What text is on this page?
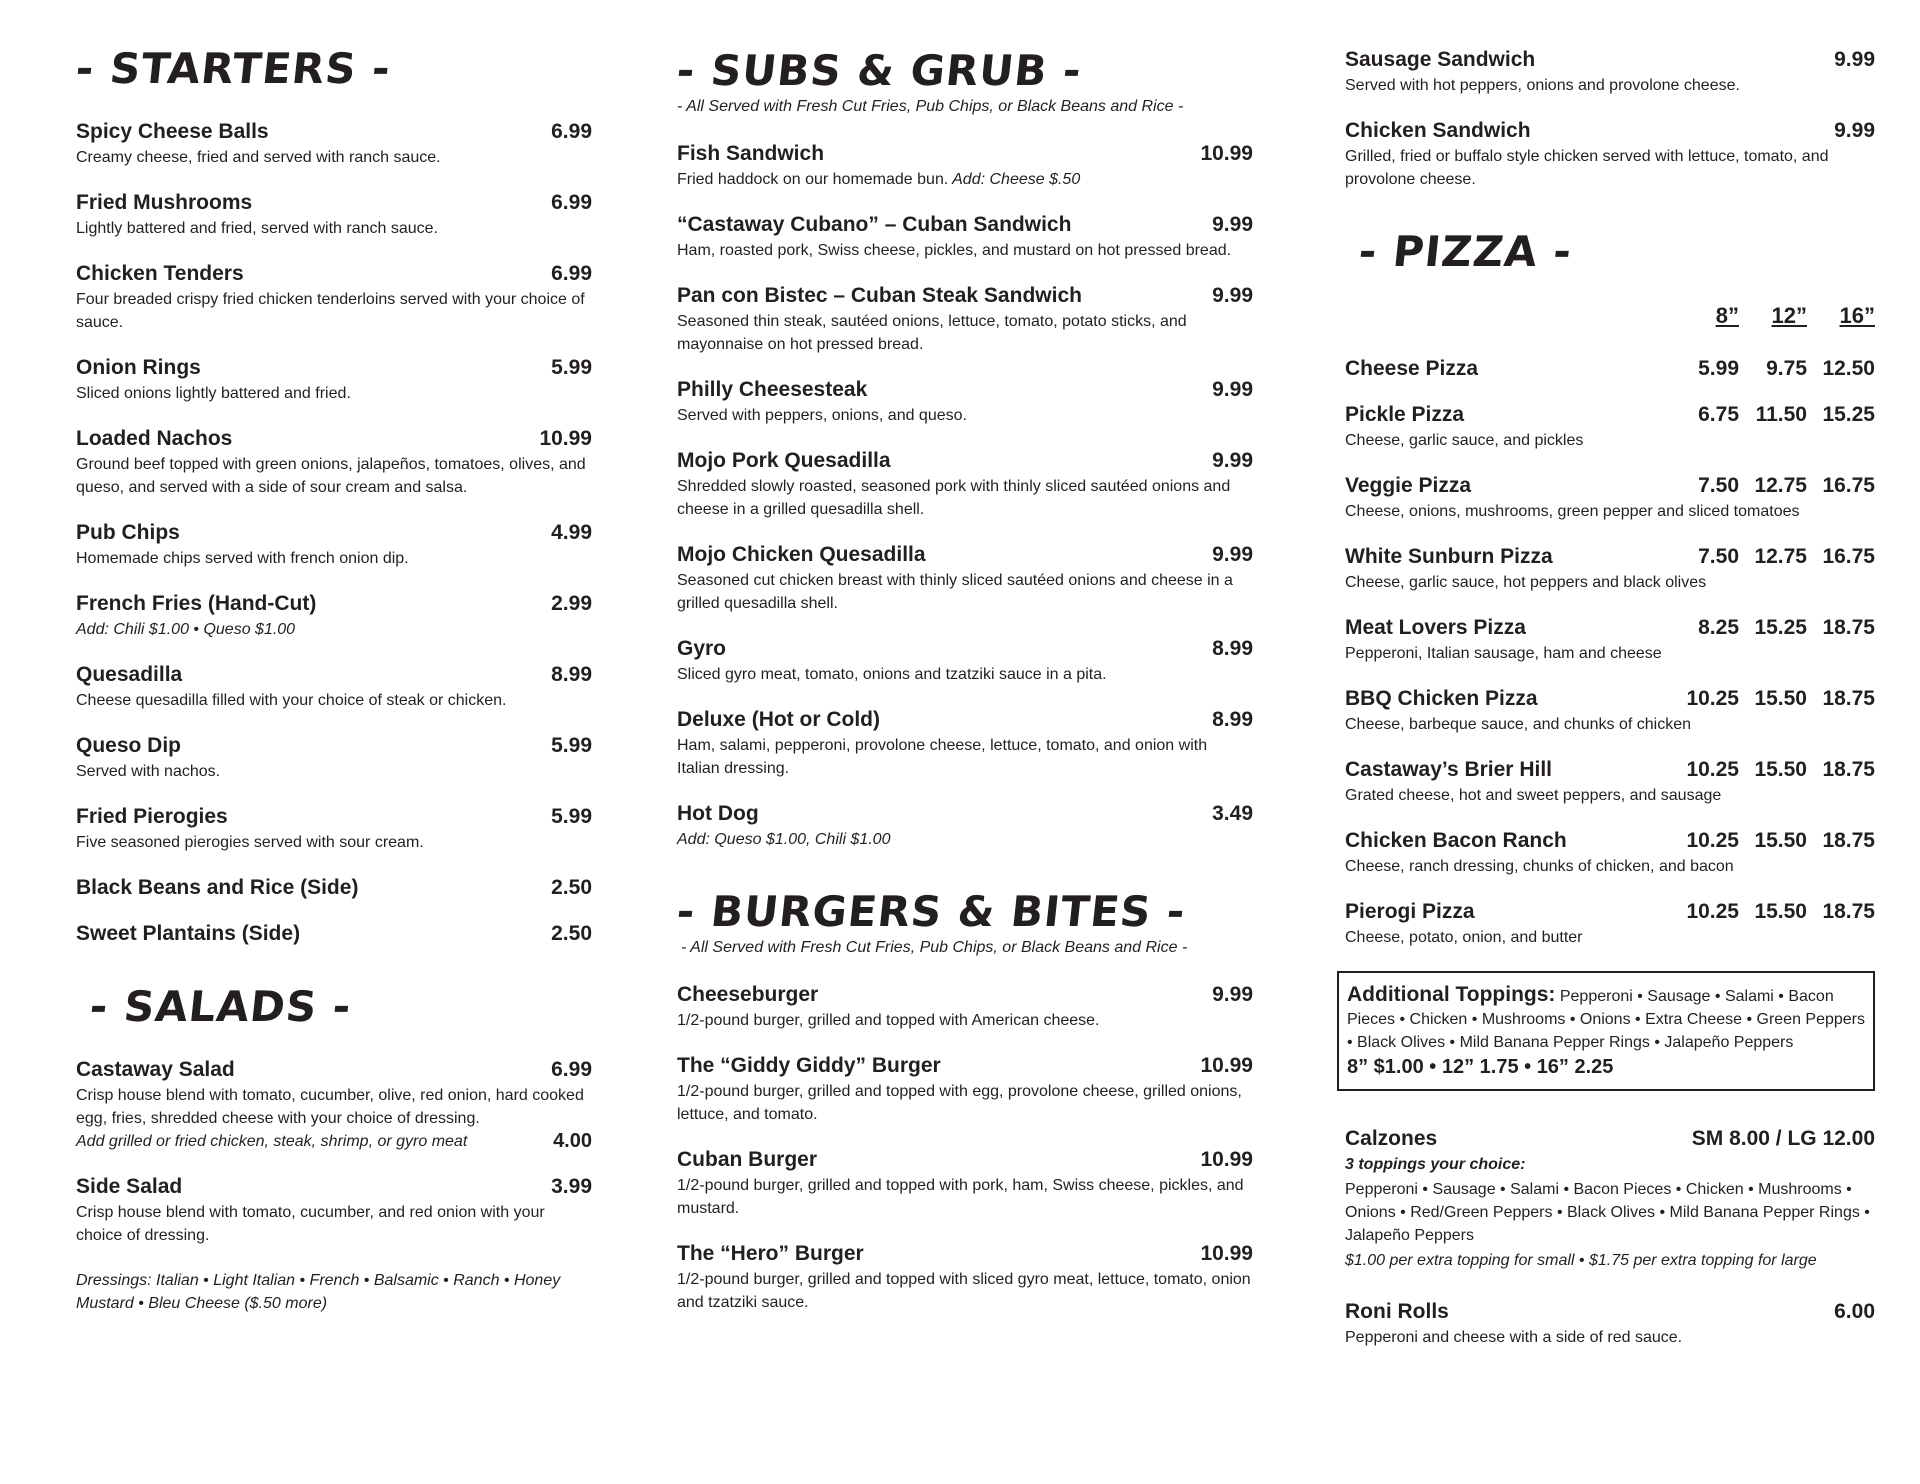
- STARTERS -
Spicy Cheese Balls	6.99
Creamy cheese, fried and served with ranch sauce.
Fried Mushrooms	6.99
Lightly battered and fried, served with ranch sauce.
Chicken Tenders	6.99
Four breaded crispy fried chicken tenderloins served with your choice of sauce.
Onion Rings	5.99
Sliced onions lightly battered and fried.
Loaded Nachos	10.99
Ground beef topped with green onions, jalapeños, tomatoes, olives, and queso, and served with a side of sour cream and salsa.
Pub Chips	4.99
Homemade chips served with french onion dip.
French Fries (Hand-Cut)	2.99
Add: Chili $1.00 • Queso $1.00
Quesadilla	8.99
Cheese quesadilla filled with your choice of steak or chicken.
Queso Dip	5.99
Served with nachos.
Fried Pierogies	5.99
Five seasoned pierogies served with sour cream.
Black Beans and Rice (Side)	2.50
Sweet Plantains (Side)	2.50
- SALADS -
Castaway Salad	6.99
Crisp house blend with tomato, cucumber, olive, red onion, hard cooked egg, fries, shredded cheese with your choice of dressing.
Add grilled or fried chicken, steak, shrimp, or gyro meat	4.00
Side Salad	3.99
Crisp house blend with tomato, cucumber, and red onion with your choice of dressing.
Dressings: Italian • Light Italian • French • Balsamic • Ranch • Honey Mustard • Bleu Cheese ($.50 more)
- SUBS & GRUB -
- All Served with Fresh Cut Fries, Pub Chips, or Black Beans and Rice -
Fish Sandwich	10.99
Fried haddock on our homemade bun. Add: Cheese $.50
“Castaway Cubano” – Cuban Sandwich	9.99
Ham, roasted pork, Swiss cheese, pickles, and mustard on hot pressed bread.
Pan con Bistec – Cuban Steak Sandwich	9.99
Seasoned thin steak, sautéed onions, lettuce, tomato, potato sticks, and mayonnaise on hot pressed bread.
Philly Cheesesteak	9.99
Served with peppers, onions, and queso.
Mojo Pork Quesadilla	9.99
Shredded slowly roasted, seasoned pork with thinly sliced sautéed onions and cheese in a grilled quesadilla shell.
Mojo Chicken Quesadilla	9.99
Seasoned cut chicken breast with thinly sliced sautéed onions and cheese in a grilled quesadilla shell.
Gyro	8.99
Sliced gyro meat, tomato, onions and tzatziki sauce in a pita.
Deluxe (Hot or Cold)	8.99
Ham, salami, pepperoni, provolone cheese, lettuce, tomato, and onion with Italian dressing.
Hot Dog	3.49
Add: Queso $1.00, Chili $1.00
- BURGERS & BITES -
- All Served with Fresh Cut Fries, Pub Chips, or Black Beans and Rice -
Cheeseburger	9.99
1/2-pound burger, grilled and topped with American cheese.
The “Giddy Giddy” Burger	10.99
1/2-pound burger, grilled and topped with egg, provolone cheese, grilled onions, lettuce, and tomato.
Cuban Burger	10.99
1/2-pound burger, grilled and topped with pork, ham, Swiss cheese, pickles, and mustard.
The “Hero” Burger	10.99
1/2-pound burger, grilled and topped with sliced gyro meat, lettuce, tomato, onion and tzatziki sauce.
Sausage Sandwich	9.99
Served with hot peppers, onions and provolone cheese.
Chicken Sandwich	9.99
Grilled, fried or buffalo style chicken served with lettuce, tomato, and provolone cheese.
- PIZZA -
8”	12”	16”
Cheese Pizza	5.99	9.75 12.50
Pickle Pizza	6.75 11.50 15.25
Cheese, garlic sauce, and pickles
Veggie Pizza	7.50 12.75 16.75
Cheese, onions, mushrooms, green pepper and sliced tomatoes
White Sunburn Pizza	7.50 12.75 16.75
Cheese, garlic sauce, hot peppers and black olives
Meat Lovers Pizza	8.25 15.25 18.75
Pepperoni, Italian sausage, ham and cheese
BBQ Chicken Pizza	10.25 15.50 18.75
Cheese, barbeque sauce, and chunks of chicken
Castaway’s Brier Hill	10.25 15.50 18.75
Grated cheese, hot and sweet peppers, and sausage
Chicken Bacon Ranch	10.25 15.50 18.75
Cheese, ranch dressing, chunks of chicken, and bacon
Pierogi Pizza	10.25 15.50 18.75
Cheese, potato, onion, and butter
Additional Toppings: Pepperoni • Sausage • Salami • Bacon Pieces • Chicken • Mushrooms • Onions • Extra Cheese • Green Peppers • Black Olives • Mild Banana Pepper Rings • Jalapeño Peppers
8” $1.00 • 12” 1.75 • 16” 2.25
Calzones	SM 8.00 / LG 12.00
3 toppings your choice:
Pepperoni • Sausage • Salami • Bacon Pieces • Chicken • Mushrooms • Onions • Red/Green Peppers • Black Olives • Mild Banana Pepper Rings • Jalapeño Peppers
$1.00 per extra topping for small • $1.75 per extra topping for large
Roni Rolls	6.00
Pepperoni and cheese with a side of red sauce.
